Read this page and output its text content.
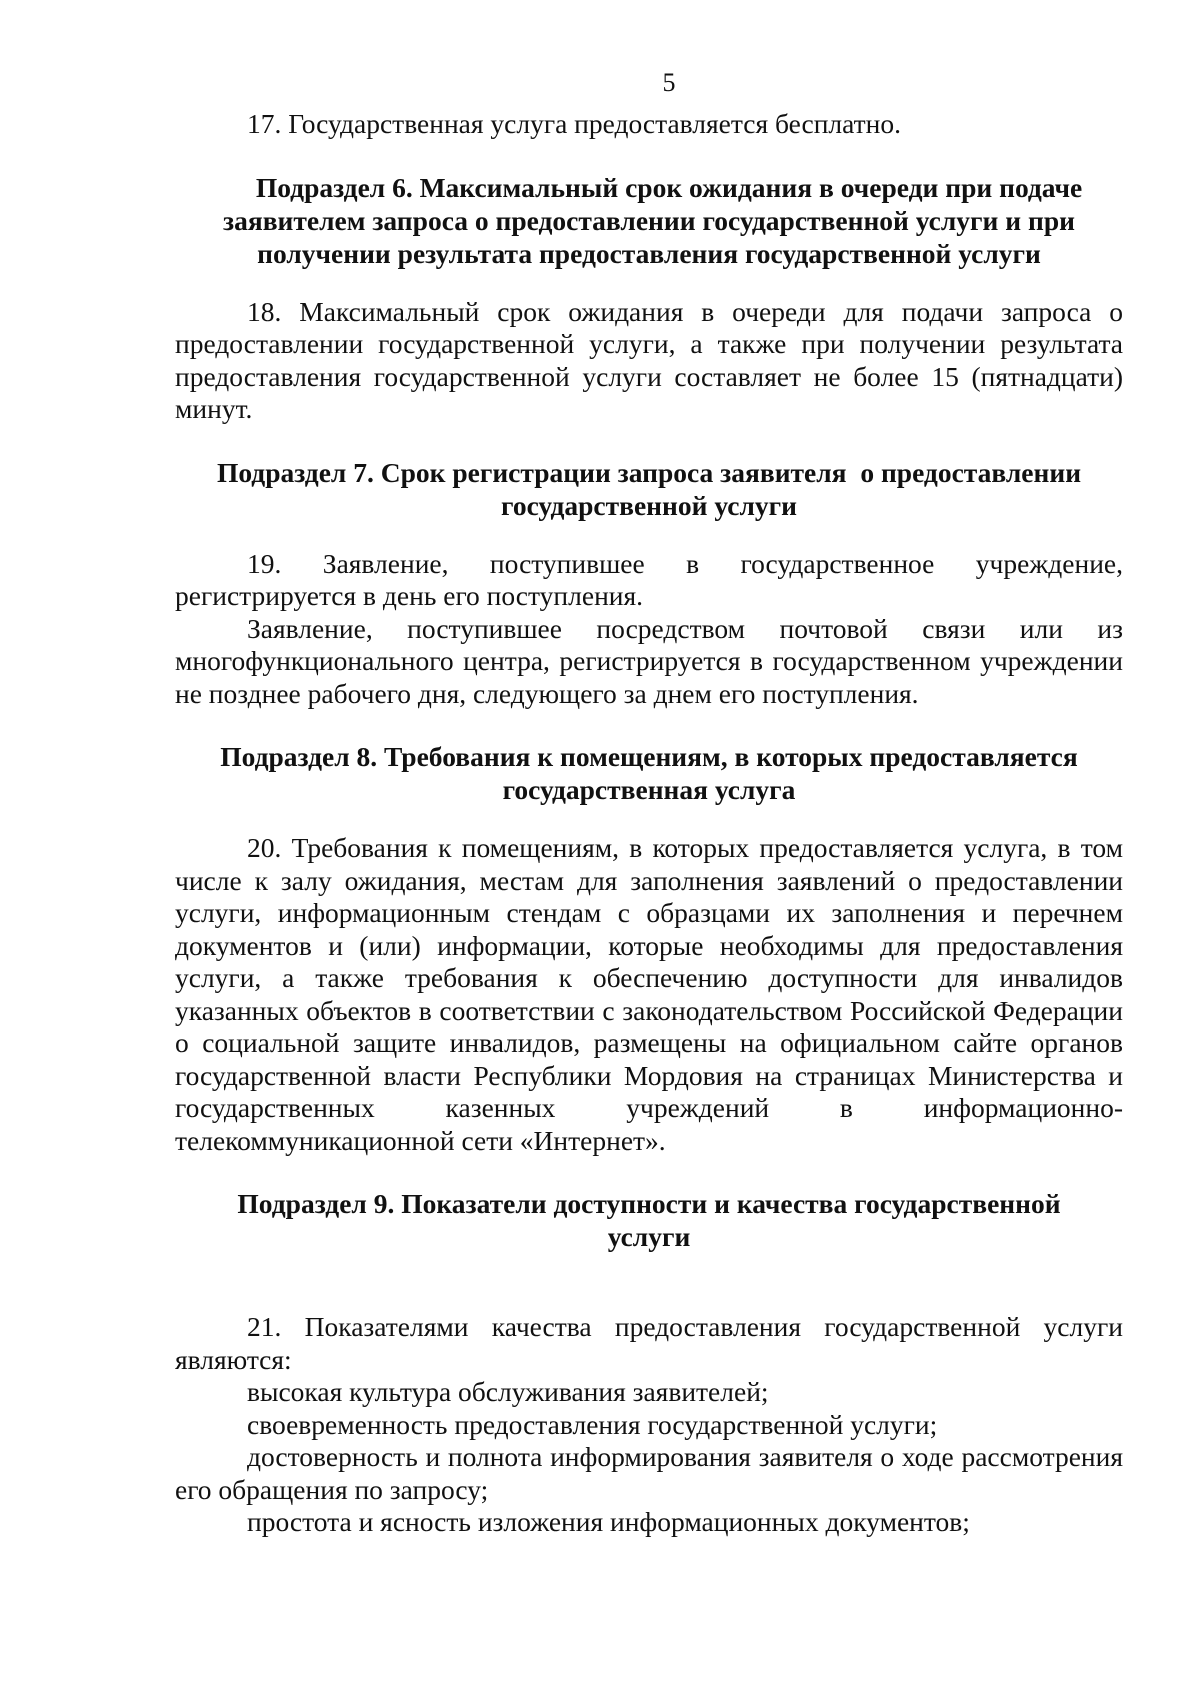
5

17. Государственная услуга предоставляется бесплатно.

Подраздел 6. Максимальный срок ожидания в очереди при подаче
заявителем запроса о предоставлении государственной услуги и при
получении результата предоставления государственной услуги

18. Максимальный срок ожидания в очереди для подачи запроса о предоставлении государственной услуги, а также при получении результата предоставления государственной услуги составляет не более 15 (пятнадцати) минут.

Подраздел 7. Срок регистрации запроса заявителя  о предоставлении
государственной услуги

19. Заявление, поступившее в государственное учреждение, регистрируется в день его поступления.

Заявление, поступившее посредством почтовой связи или из многофункционального центра, регистрируется в государственном учреждении не позднее рабочего дня, следующего за днем его поступления.

Подраздел 8. Требования к помещениям, в которых предоставляется
государственная услуга

20. Требования к помещениям, в которых предоставляется услуга, в том числе к залу ожидания, местам для заполнения заявлений о предоставлении услуги, информационным стендам с образцами их заполнения и перечнем документов и (или) информации, которые необходимы для предоставления услуги, а также требования к обеспечению доступности для инвалидов указанных объектов в соответствии с законодательством Российской Федерации о социальной защите инвалидов, размещены на официальном сайте органов государственной власти Республики Мордовия на страницах Министерства и государственных казенных учреждений в информационно-телекоммуникационной сети «Интернет».

Подраздел 9. Показатели доступности и качества государственной
услуги

21. Показателями качества предоставления государственной услуги являются:

высокая культура обслуживания заявителей;

своевременность предоставления государственной услуги;

достоверность и полнота информирования заявителя о ходе рассмотрения его обращения по запросу;

простота и ясность изложения информационных документов;
